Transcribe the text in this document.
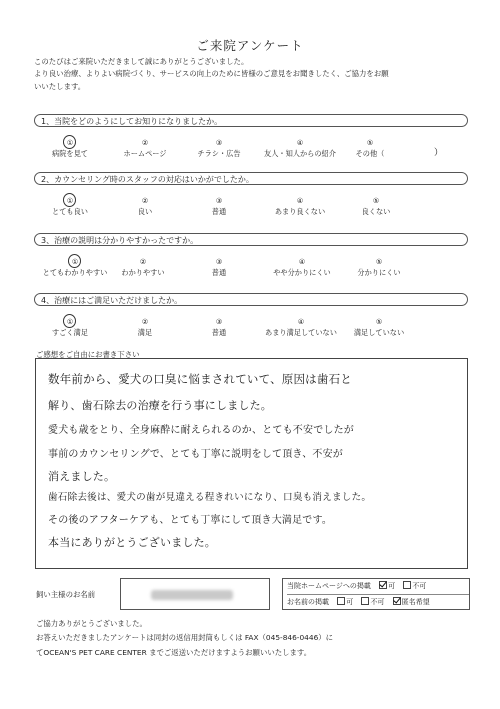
ご来院アンケート
このたびはご来院いただきまして誠にありがとうございました。
より良い治療、よりよい病院づくり、サービスの向上のために皆様のご意見をお聞きしたく、ご協力をお願
いいたします。
1、当院をどのようにしてお知りになりましたか。
①
病院を見て
②
ホームページ
③
チラシ・広告
④
友人・知人からの紹介
⑤
その他（	）
2、カウンセリング時のスタッフの対応はいかがでしたか。
①
とても良い
②
良い
③
普通
④
あまり良くない
⑤
良くない
3、治療の説明は分かりやすかったですか。
①
とてもわかりやすい
②
わかりやすい
③
普通
④
やや分かりにくい
⑤
分かりにくい
4、治療にはご満足いただけましたか。
①
すごく満足
②
満足
③
普通
④
あまり満足していない
⑤
満足していない
ご感想をご自由にお書き下さい
数年前から、愛犬の口臭に悩まされていて、原因は歯石と
解り、歯石除去の治療を行う事にしました。
愛犬も歳をとり、全身麻酔に耐えられるのか、とても不安でしたが
事前のカウンセリングで、とても丁寧に説明をして頂き、不安が
消えました。
歯石除去後は、愛犬の歯が見違える程きれいになり、口臭も消えました。
その後のアフターケアも、とても丁寧にして頂き大満足です。
本当にありがとうございました。
飼い主様のお名前
当院ホームページへの掲載 可 不可
お名前の掲載 可 不可 匿名希望
ご協力ありがとうございました。
お答えいただきましたアンケートは同封の返信用封筒もしくは FAX（045-846-0446）に
てOCEAN'S PET CARE CENTER までご返送いただけますようお願いいたします。
